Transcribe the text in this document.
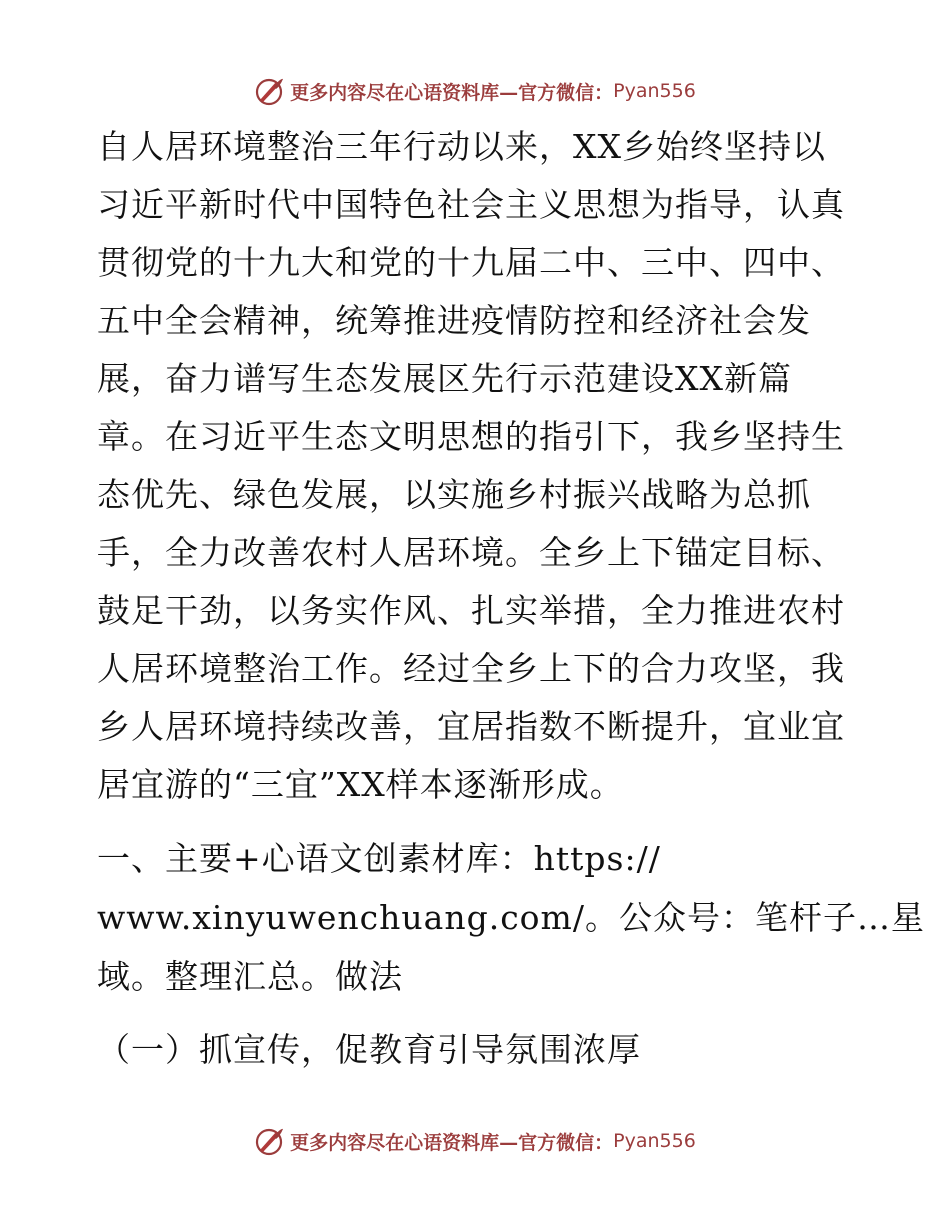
更多内容尽在心语资料库—官方微信： Pyan556
自人居环境整治三年行动以来，XX乡始终坚持以
习近平新时代中国特色社会主义思想为指导，认真
贯彻党的十九大和党的十九届二中、三中、四中、
五中全会精神，统筹推进疫情防控和经济社会发
展，奋力谱写生态发展区先行示范建设XX新篇
章。在习近平生态文明思想的指引下，我乡坚持生
态优先、绿色发展，以实施乡村振兴战略为总抓
手，全力改善农村人居环境。全乡上下锚定目标、
鼓足干劲，以务实作风、扎实举措，全力推进农村
人居环境整治工作。经过全乡上下的合力攻坚，我
乡人居环境持续改善，宜居指数不断提升，宜业宜
居宜游的“三宜”XX样本逐渐形成。
一、主要+心语文创素材库：https://
www.xinyuwenchuang.com/。公众号：笔杆子…星
域。整理汇总。做法
（一）抓宣传，促教育引导氛围浓厚
更多内容尽在心语资料库—官方微信： Pyan556
